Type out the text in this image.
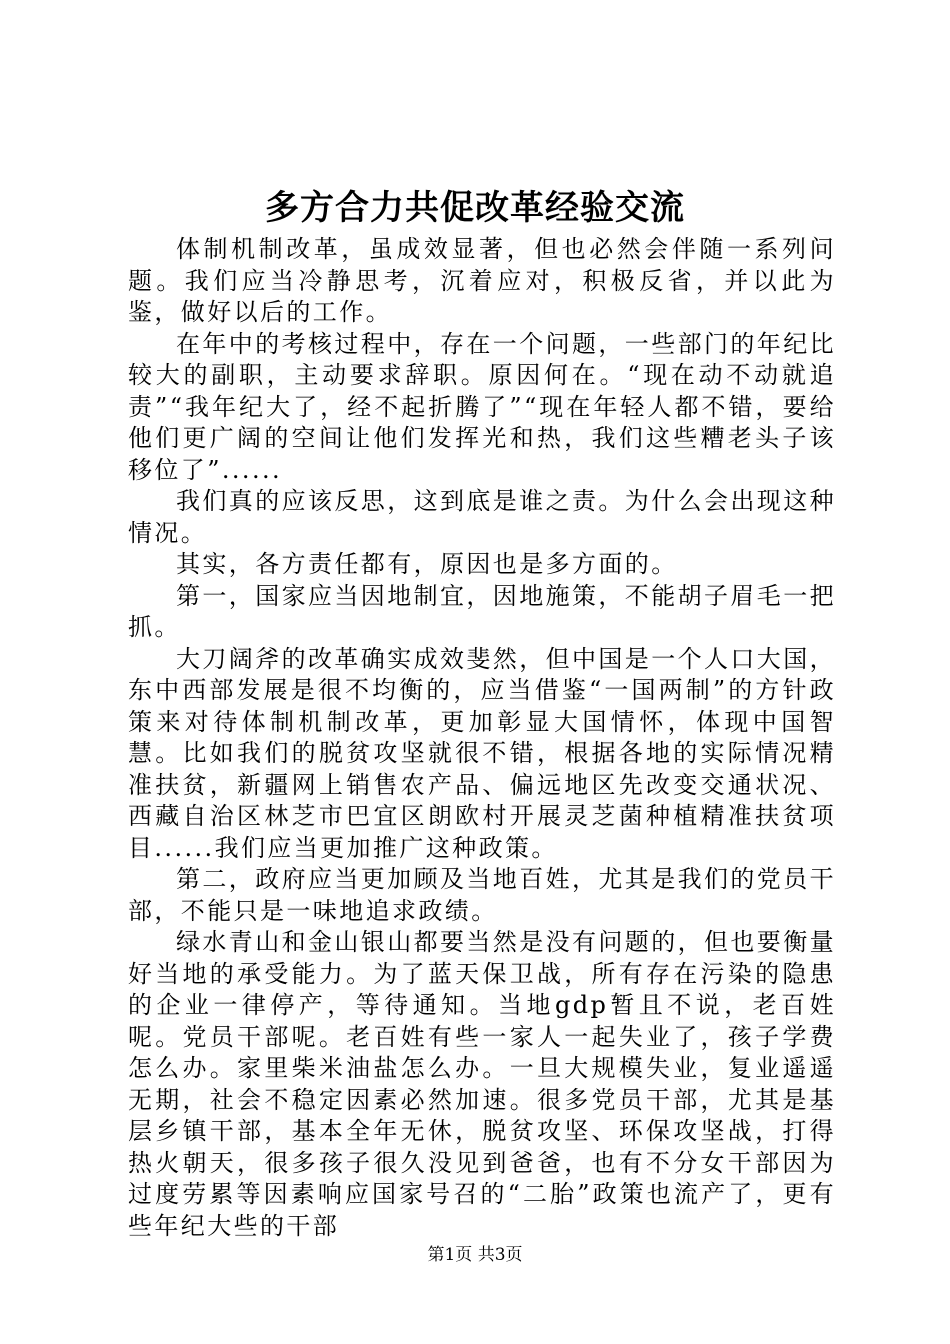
多方合力共促改革经验交流

体制机制改革，虽成效显著，但也必然会伴随一系列问题。我们应当冷静思考，沉着应对，积极反省，并以此为鉴，做好以后的工作。

在年中的考核过程中，存在一个问题，一些部门的年纪比较大的副职，主动要求辞职。原因何在。“现在动不动就追责”“我年纪大了，经不起折腾了”“现在年轻人都不错，要给他们更广阔的空间让他们发挥光和热，我们这些糟老头子该移位了”......

我们真的应该反思，这到底是谁之责。为什么会出现这种情况。

其实，各方责任都有，原因也是多方面的。

第一，国家应当因地制宜，因地施策，不能胡子眉毛一把抓。

大刀阔斧的改革确实成效斐然，但中国是一个人口大国，东中西部发展是很不均衡的，应当借鉴“一国两制”的方针政策来对待体制机制改革，更加彰显大国情怀，体现中国智慧。比如我们的脱贫攻坚就很不错，根据各地的实际情况精准扶贫，新疆网上销售农产品、偏远地区先改变交通状况、西藏自治区林芝市巴宜区朗欧村开展灵芝菌种植精准扶贫项目......我们应当更加推广这种政策。

第二，政府应当更加顾及当地百姓，尤其是我们的党员干部，不能只是一味地追求政绩。

绿水青山和金山银山都要当然是没有问题的，但也要衡量好当地的承受能力。为了蓝天保卫战，所有存在污染的隐患的企业一律停产，等待通知。当地gdp暂且不说，老百姓呢。党员干部呢。老百姓有些一家人一起失业了，孩子学费怎么办。家里柴米油盐怎么办。一旦大规模失业，复业遥遥无期，社会不稳定因素必然加速。很多党员干部，尤其是基层乡镇干部，基本全年无休，脱贫攻坚、环保攻坚战，打得热火朝天，很多孩子很久没见到爸爸，也有不分女干部因为过度劳累等因素响应国家号召的“二胎”政策也流产了，更有些年纪大些的干部

第1页 共3页
